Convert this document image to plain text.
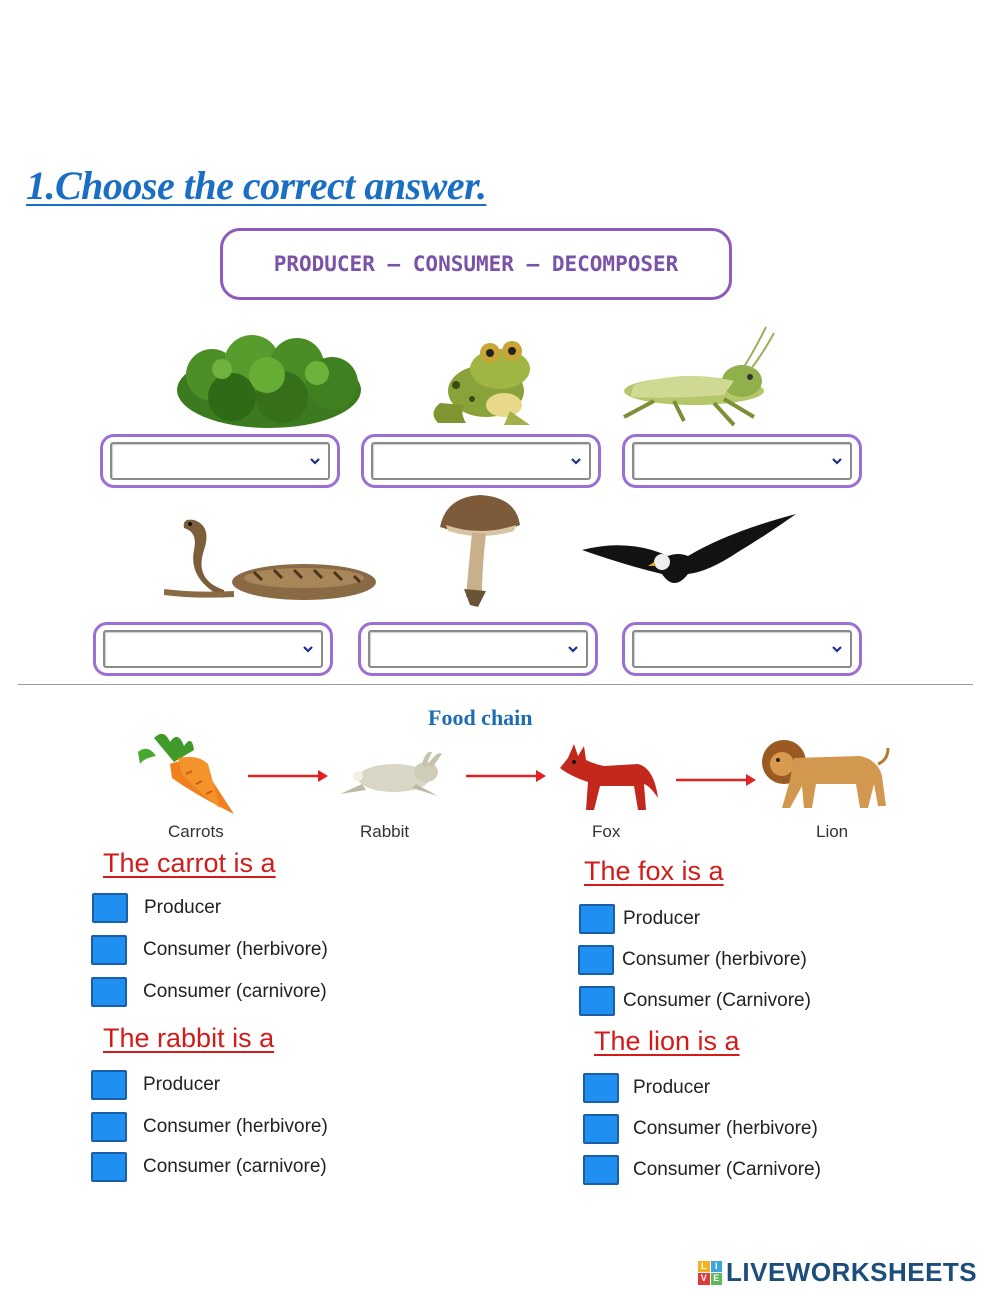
1.Choose the correct answer.
PRODUCER – CONSUMER – DECOMPOSER
Food chain
Carrots	Rabbit	Fox	Lion
The carrot is a
Producer
Consumer (herbivore)
Consumer (carnivore)
The rabbit is a
Producer
Consumer (herbivore)
Consumer (carnivore)
The fox is a
Producer
Consumer (herbivore)
Consumer (Carnivore)
The lion is a
Producer
Consumer (herbivore)
Consumer (Carnivore)
L I
V E LIVEWORKSHEETS
